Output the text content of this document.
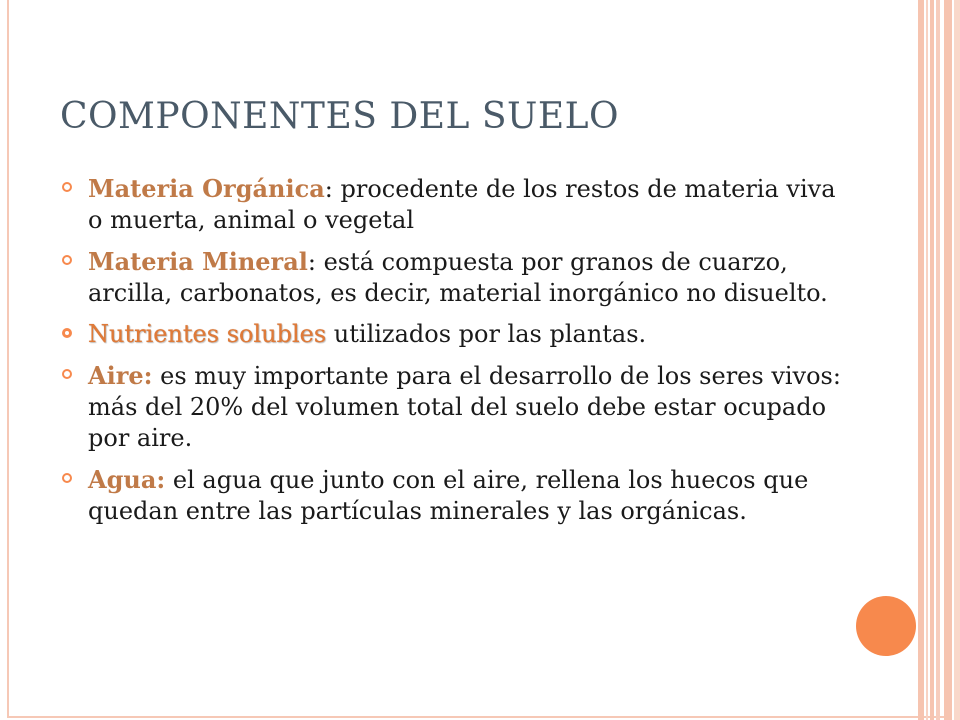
COMPONENTES DEL SUELO
Materia Orgánica: procedente de los restos de materia viva o muerta, animal o vegetal
Materia Mineral: está compuesta por granos de cuarzo, arcilla, carbonatos, es decir, material inorgánico no disuelto.
Nutrientes solubles utilizados por las plantas.
Aire: es muy importante para el desarrollo de los seres vivos: más del 20% del volumen total del suelo debe estar ocupado por aire.
Agua: el agua que junto con el aire, rellena los huecos que quedan entre las partículas minerales y las orgánicas.
